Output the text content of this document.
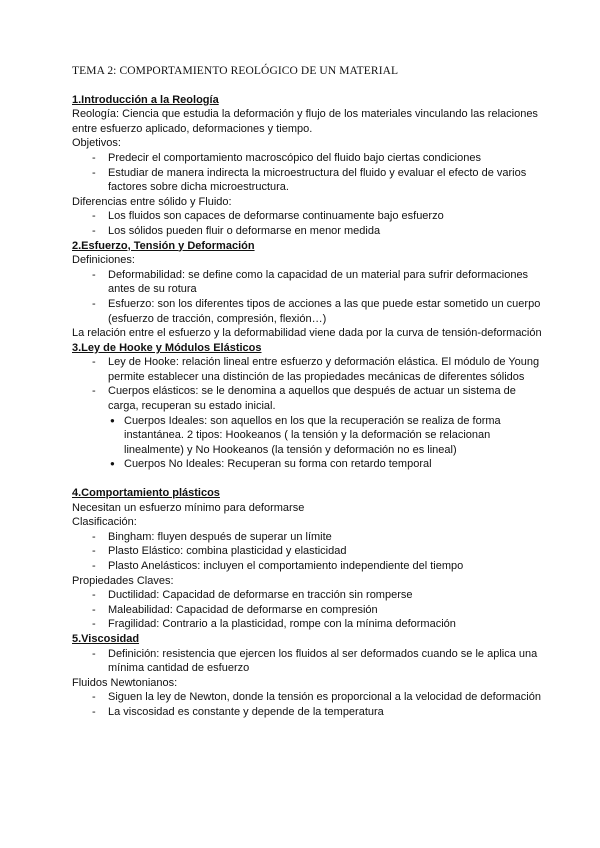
TEMA 2: COMPORTAMIENTO REOLÓGICO DE UN MATERIAL

1.Introducción a la Reología

Reología: Ciencia que estudia la deformación y flujo de los materiales vinculando las relaciones entre esfuerzo aplicado, deformaciones y tiempo.

Objetivos:

- Predecir el comportamiento macroscópico del fluido bajo ciertas condiciones
- Estudiar de manera indirecta la microestructura del fluido y evaluar el efecto de varios factores sobre dicha microestructura.

Diferencias entre sólido y Fluido:

- Los fluidos son capaces de deformarse continuamente bajo esfuerzo
- Los sólidos pueden fluir o deformarse en menor medida

2.Esfuerzo, Tensión y Deformación

Definiciones:

- Deformabilidad: se define como la capacidad de un material para sufrir deformaciones antes de su rotura
- Esfuerzo: son los diferentes tipos de acciones a las que puede estar sometido un cuerpo (esfuerzo de tracción, compresión, flexión…)

La relación entre el esfuerzo y la deformabilidad viene dada por la curva de tensión-deformación

3.Ley de Hooke y Módulos Elásticos

- Ley de Hooke: relación lineal entre esfuerzo y deformación elástica. El módulo de Young permite establecer una distinción de las propiedades mecánicas de diferentes sólidos
- Cuerpos elásticos: se le denomina a aquellos que después de actuar un sistema de carga, recuperan su estado inicial.
● Cuerpos Ideales: son aquellos en los que la recuperación se realiza de forma instantánea. 2 tipos: Hookeanos ( la tensión y la deformación se relacionan linealmente) y No Hookeanos (la tensión y deformación no es lineal)
● Cuerpos No Ideales: Recuperan su forma con retardo temporal

4.Comportamiento plásticos

Necesitan un esfuerzo mínimo para deformarse

Clasificación:

- Bingham: fluyen después de superar un límite
- Plasto Elástico: combina plasticidad y elasticidad
- Plasto Anelásticos: incluyen el comportamiento independiente del tiempo

Propiedades Claves:

- Ductilidad: Capacidad de deformarse en tracción sin romperse
- Maleabilidad: Capacidad de deformarse en compresión
- Fragilidad: Contrario a la plasticidad, rompe con la mínima deformación

5.Viscosidad

- Definición: resistencia que ejercen los fluidos al ser deformados cuando se le aplica una mínima cantidad de esfuerzo

Fluidos Newtonianos:

- Siguen la ley de Newton, donde la tensión es proporcional a la velocidad de deformación
- La viscosidad es constante y depende de la temperatura
